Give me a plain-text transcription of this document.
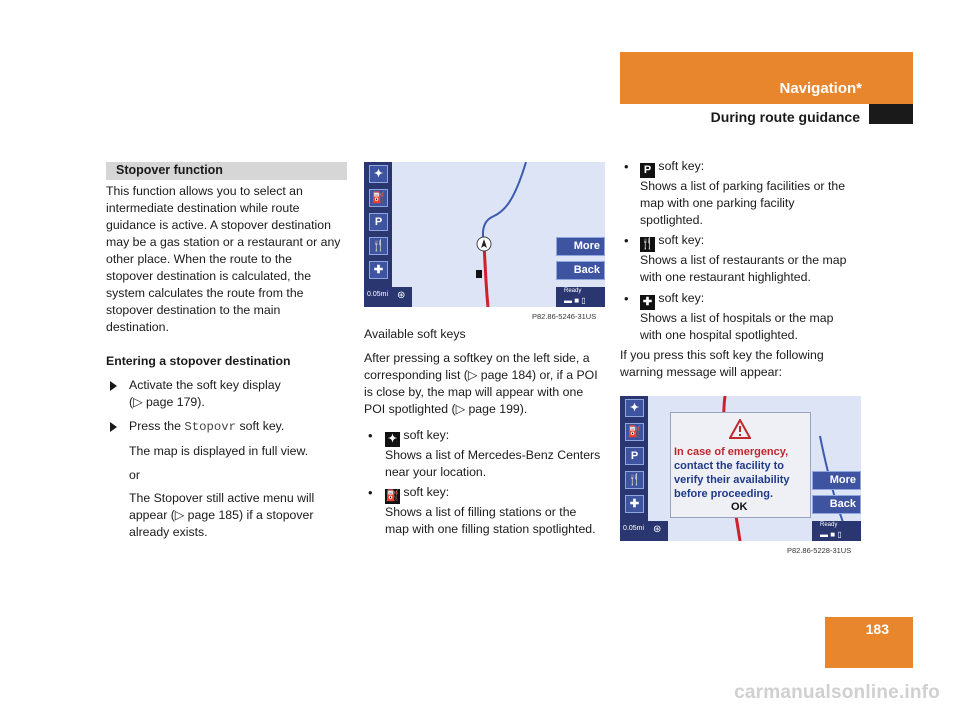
Navigation*
During route guidance
Stopover function
This function allows you to select an
intermediate destination while route
guidance is active. A stopover destination
may be a gas station or a restaurant or any
other place. When the route to the
stopover destination is calculated, the
system calculates the route from the
stopover destination to the main
destination.
Entering a stopover destination
Activate the soft key display
(▷ page 179).
Press the Stopovr soft key.
The map is displayed in full view.
or
The Stopover still active menu will
appear (▷ page 185) if a stopover
already exists.
✦
⛽
P
🍴
✚
More
Back
0.05mi ⊛	Ready
▬ ■ ▯
P82.86-5246-31US
Available soft keys
After pressing a softkey on the left side, a
corresponding list (▷ page 184) or, if a POI
is close by, the map will appear with one
POI spotlighted (▷ page 199).
• ✦ soft key:
Shows a list of Mercedes-Benz Centers
near your location.
• ⛽ soft key:
Shows a list of filling stations or the
map with one filling station spotlighted.
•	P soft key:
Shows a list of parking facilities or the
map with one parking facility
spotlighted.
• 🍴 soft key:
Shows a list of restaurants or the map
with one restaurant highlighted.
• ✚ soft key:
Shows a list of hospitals or the map
with one hospital spotlighted.
If you press this soft key the following
warning message will appear:
✦
⛽
P
🍴
✚
In case of emergency,
contact the facility to
verify their availability
before proceeding.
OK
More
Back
0.05mi ⊛	Ready
▬ ■ ▯
P82.86-5228-31US
183
carmanualsonline.info
